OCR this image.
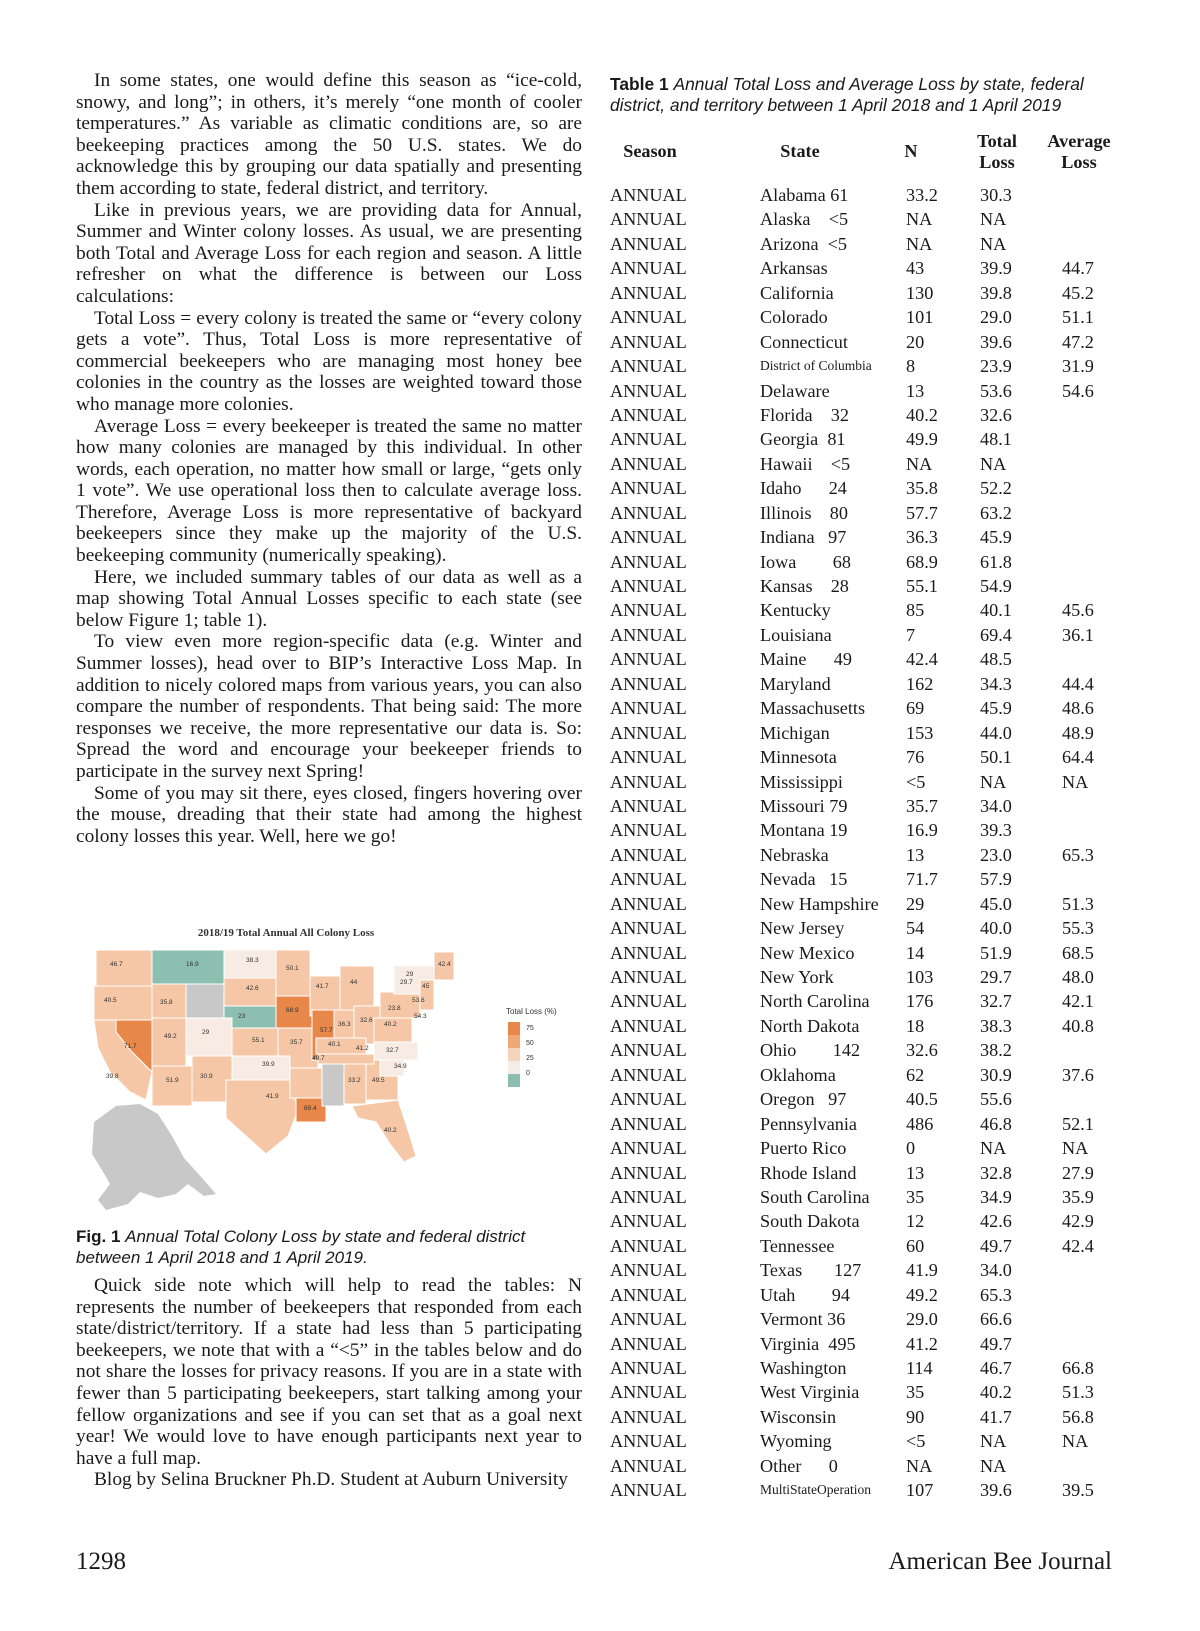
In some states, one would define this season as “ice-cold, snowy, and long”; in others, it’s merely “one month of cooler temperatures.” As variable as climatic conditions are, so are beekeeping practices among the 50 U.S. states. We do acknowledge this by grouping our data spatially and presenting them according to state, federal district, and territory.

Like in previous years, we are providing data for Annual, Summer and Winter colony losses. As usual, we are presenting both Total and Average Loss for each region and season. A little refresher on what the difference is between our Loss calculations:

Total Loss = every colony is treated the same or “every colony gets a vote”. Thus, Total Loss is more representative of commercial beekeepers who are managing most honey bee colonies in the country as the losses are weighted toward those who manage more colonies.

Average Loss = every beekeeper is treated the same no matter how many colonies are managed by this individual. In other words, each operation, no matter how small or large, “gets only 1 vote”. We use operational loss then to calculate average loss. Therefore, Average Loss is more representative of backyard beekeepers since they make up the majority of the U.S. beekeeping community (numerically speaking).

Here, we included summary tables of our data as well as a map showing Total Annual Losses specific to each state (see below Figure 1; table 1).

To view even more region-specific data (e.g. Winter and Summer losses), head over to BIP’s Interactive Loss Map. In addition to nicely colored maps from various years, you can also compare the number of respondents. That being said: The more responses we receive, the more representative our data is. So: Spread the word and encourage your beekeeper friends to participate in the survey next Spring!

Some of you may sit there, eyes closed, fingers hovering over the mouse, dreading that their state had among the highest colony losses this year. Well, here we go!

2018/19 Total Annual All Colony Loss
46.7	16.9
38.3
50.1
40.5	35.8
42.6	41.7
44
29
42.4
23
68.9
29.7
45
71.7
49.2
29
55.1	35.7
57.7
36.3
32.6
40.2
23.8
53.6
54.3
39.8
40.1
41.2
30.9
39.9
49.7
32.7
51.9
34.9
33.2 49.5
41.9
69.4
40.2
Total Loss (%)
75
50
25
0
Fig. 1 Annual Total Colony Loss by state and federal district between 1 April 2018 and 1 April 2019.

Quick side note which will help to read the tables: N represents the number of beekeepers that responded from each state/district/territory. If a state had less than 5 participating beekeepers, we note that with a “<5” in the tables below and do not share the losses for privacy reasons. If you are in a state with fewer than 5 participating beekeepers, start talking among your fellow organizations and see if you can set that as a goal next year! We would love to have enough participants next year to have a full map.

Blog by Selina Bruckner Ph.D. Student at Auburn University

Table 1 Annual Total Loss and Average Loss by state, federal district, and territory between 1 April 2018 and 1 April 2019
Season	State	N	Total
Loss
Average
Loss
ANNUAL	Alabama 61	33.2 30.3
ANNUAL	Alaska    <5	NA	NA
ANNUAL	Arizona  <5	NA	NA
ANNUAL	Arkansas	43	39.9	44.7
ANNUAL	California	130	39.8	45.2
ANNUAL	Colorado	101	29.0	51.1
ANNUAL	Connecticut	20	39.6	47.2
ANNUAL	District of Columbia 8	23.9	31.9
ANNUAL	Delaware	13	53.6	54.6
ANNUAL	Florida    32	40.2 32.6
ANNUAL	Georgia  81	49.9 48.1
ANNUAL	Hawaii    <5	NA	NA
ANNUAL	Idaho      24	35.8 52.2
ANNUAL	Illinois    80	57.7 63.2
ANNUAL	Indiana   97	36.3 45.9
ANNUAL	Iowa        68	68.9 61.8
ANNUAL	Kansas    28	55.1 54.9
ANNUAL	Kentucky	85	40.1	45.6
ANNUAL	Louisiana	7	69.4	36.1
ANNUAL	Maine      49	42.4 48.5
ANNUAL	Maryland	162	34.3	44.4
ANNUAL	Massachusetts 69	45.9	48.6
ANNUAL	Michigan	153	44.0	48.9
ANNUAL	Minnesota	76	50.1	64.4
ANNUAL	Mississippi	<5	NA	NA
ANNUAL	Missouri 79	35.7 34.0
ANNUAL	Montana 19	16.9 39.3
ANNUAL	Nebraska	13	23.0	65.3
ANNUAL	Nevada   15	71.7 57.9
ANNUAL	New Hampshire 29	45.0	51.3
ANNUAL	New Jersey	54	40.0	55.3
ANNUAL	New Mexico	14	51.9	68.5
ANNUAL	New York	103	29.7	48.0
ANNUAL	North Carolina 176	32.7	42.1
ANNUAL	North Dakota	18	38.3	40.8
ANNUAL	Ohio        142	32.6 38.2
ANNUAL	Oklahoma	62	30.9	37.6
ANNUAL	Oregon   97	40.5 55.6
ANNUAL	Pennsylvania	486	46.8	52.1
ANNUAL	Puerto Rico	0	NA	NA
ANNUAL	Rhode Island	13	32.8	27.9
ANNUAL	South Carolina 35	34.9	35.9
ANNUAL	South Dakota	12	42.6	42.9
ANNUAL	Tennessee	60	49.7	42.4
ANNUAL	Texas       127 41.9 34.0
ANNUAL	Utah        94	49.2 65.3
ANNUAL	Vermont 36	29.0 66.6
ANNUAL	Virginia  495	41.2 49.7
ANNUAL	Washington	114	46.7	66.8
ANNUAL	West Virginia	35	40.2	51.3
ANNUAL	Wisconsin	90	41.7	56.8
ANNUAL	Wyoming	<5	NA	NA
ANNUAL	Other      0	NA	NA
ANNUAL	MultiStateOperation 107	39.6	39.5
1298	American Bee Journal
